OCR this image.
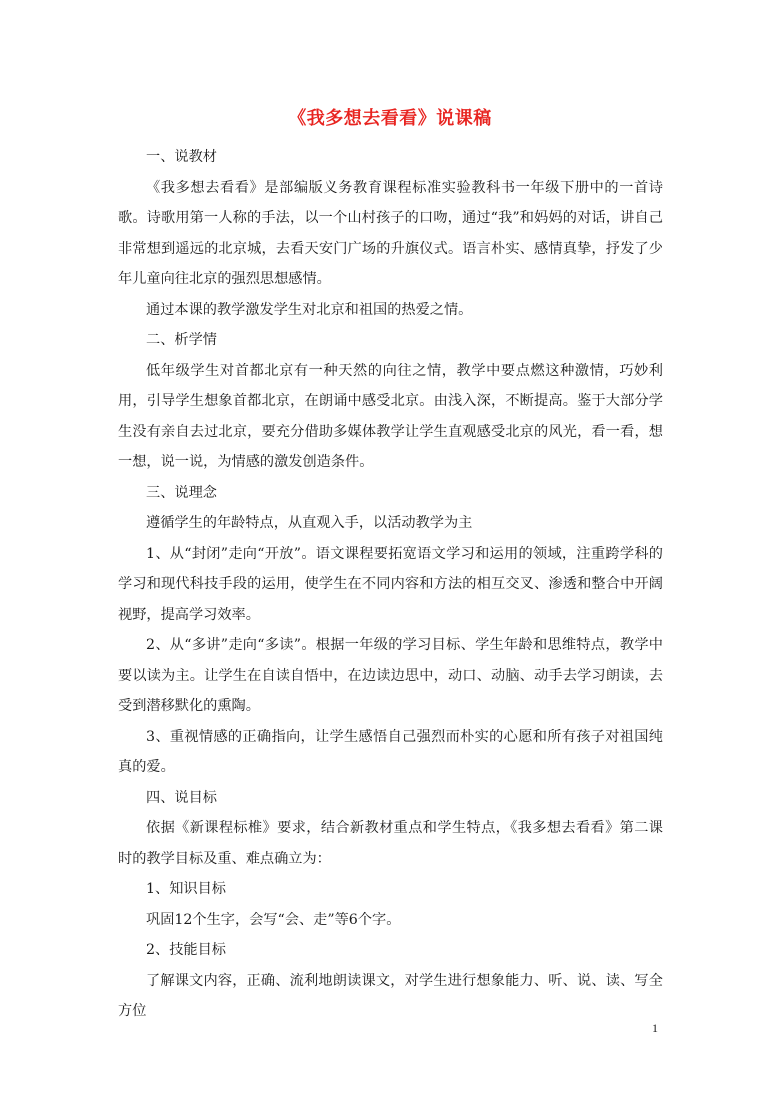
《我多想去看看》说课稿

一、说教材

《我多想去看看》是部编版义务教育课程标准实验教科书一年级下册中的一首诗歌。诗歌用第一人称的手法，以一个山村孩子的口吻，通过“我”和妈妈的对话，讲自己非常想到遥远的北京城，去看天安门广场的升旗仪式。语言朴实、感情真挚，抒发了少年儿童向往北京的强烈思想感情。

通过本课的教学激发学生对北京和祖国的热爱之情。

二、析学情

低年级学生对首都北京有一种天然的向往之情，教学中要点燃这种激情，巧妙利用，引导学生想象首都北京，在朗诵中感受北京。由浅入深，不断提高。鉴于大部分学生没有亲自去过北京，要充分借助多媒体教学让学生直观感受北京的风光，看一看，想一想，说一说，为情感的激发创造条件。

三、说理念

遵循学生的年龄特点，从直观入手，以活动教学为主

1、从“封闭”走向“开放”。语文课程要拓宽语文学习和运用的领域，注重跨学科的学习和现代科技手段的运用，使学生在不同内容和方法的相互交叉、渗透和整合中开阔视野，提高学习效率。

2、从“多讲”走向“多读”。根据一年级的学习目标、学生年龄和思维特点，教学中要以读为主。让学生在自读自悟中，在边读边思中，动口、动脑、动手去学习朗读，去受到潜移默化的熏陶。

3、重视情感的正确指向，让学生感悟自己强烈而朴实的心愿和所有孩子对祖国纯真的爱。

四、说目标

依据《新课程标椎》要求，结合新教材重点和学生特点，《我多想去看看》第二课时的教学目标及重、难点确立为：

1、知识目标

巩固12个生字，会写“会、走”等6个字。

2、技能目标

了解课文内容，正确、流利地朗读课文，对学生进行想象能力、听、说、读、写全方位

1
